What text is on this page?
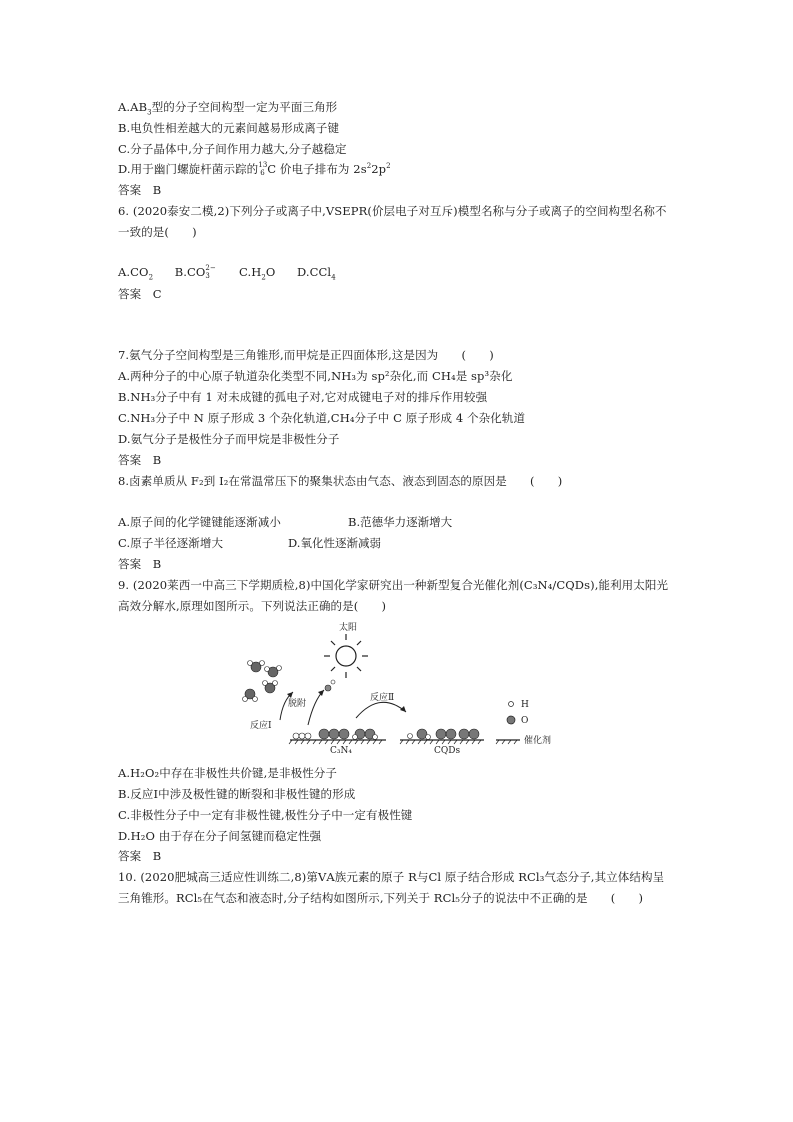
$A.AB_3$型的分子空间构型一定为平面三角形
B.电负性相差越大的元素间越易形成离子键
C.分子晶体中,分子间作用力越大,分子越稳定
D.用于幽门螺旋杆菌示踪的 13
6 C 价电子排布为 $2s^22p^2$
答案　B
6. (2020泰安二模,2)下列分子或离子中,VSEPR(价层电子对互斥)模型名称与分子或离子的空间构型名称不
一致的是(　　)
$A.CO_2$ B.CO 2−
3	$C.H_2O$ D.CCl$_4$
答案　C
7.氨气分子空间构型是三角锥形,而甲烷是正四面体形,这是因为　　(　　)
A.两种分子的中心原子轨道杂化类型不同,NH₃为 sp²杂化,而 CH₄是 sp³杂化
B.NH₃分子中有 1 对未成键的孤电子对,它对成键电子对的排斥作用较强
C.NH₃分子中 N 原子形成 3 个杂化轨道,CH₄分子中 C 原子形成 4 个杂化轨道
D.氨气分子是极性分子而甲烷是非极性分子
答案　B
8.卤素单质从 F₂到 I₂在常温常压下的聚集状态由气态、液态到固态的原因是　　(　　)
A.原子间的化学键键能逐渐减小	B.范德华力逐渐增大
C.原子半径逐渐增大	D.氧化性逐渐减弱
答案　B
9. (2020莱西一中高三下学期质检,8)中国化学家研究出一种新型复合光催化剂(C₃N₄/CQDs),能利用太阳光
高效分解水,原理如图所示。下列说法正确的是(　　)
太阳
反应Ⅰ
脱附
C₃N₄
反应Ⅱ
CQDs
H
O
催化剂
A.H₂O₂中存在非极性共价键,是非极性分子
B.反应Ⅰ中涉及极性键的断裂和非极性键的形成
C.非极性分子中一定有非极性键,极性分子中一定有极性键
D.H₂O 由于存在分子间氢键而稳定性强
答案　B
10. (2020肥城高三适应性训练二,8)第ⅤA族元素的原子 R与Cl 原子结合形成 RCl₃气态分子,其立体结构呈
三角锥形。RCl₅在气态和液态时,分子结构如图所示,下列关于 RCl₅分子的说法中不正确的是　　(　　)
